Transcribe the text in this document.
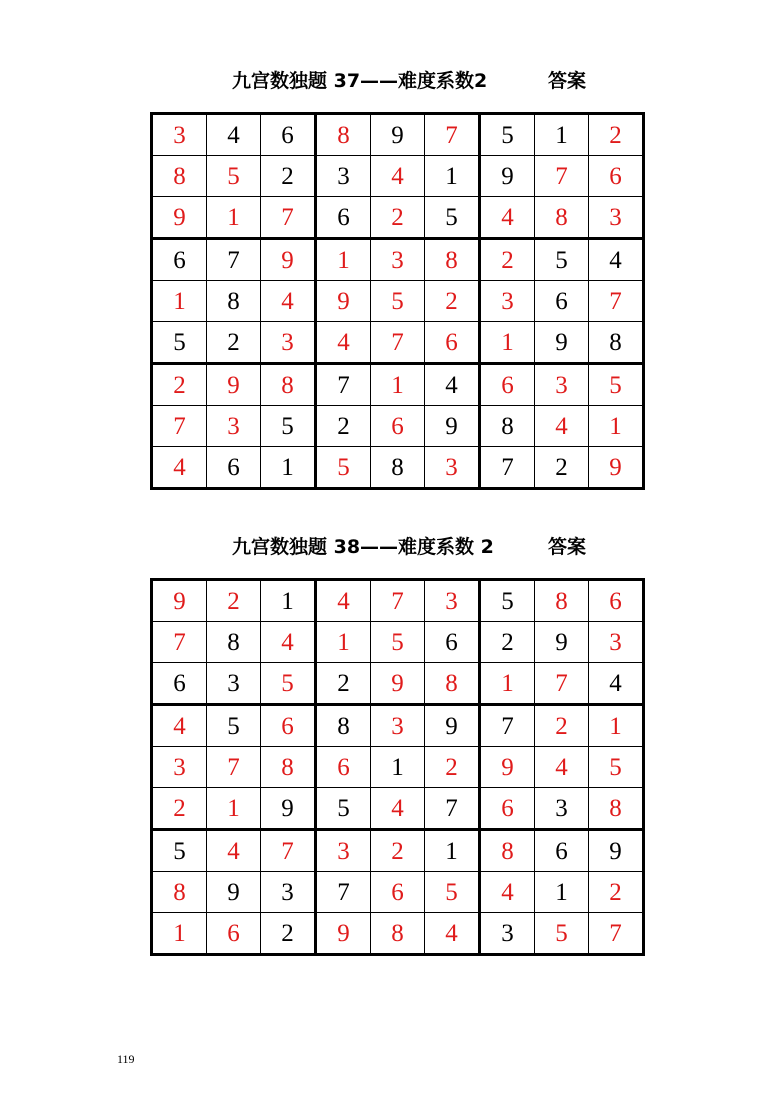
九宫数独题 37——难度系数2	答案
3	4	6	8	9	7	5	1	2
8	5	2	3	4	1	9	7	6
9	1	7	6	2	5	4	8	3
6	7	9	1	3	8	2	5	4
1	8	4	9	5	2	3	6	7
5	2	3	4	7	6	1	9	8
2	9	8	7	1	4	6	3	5
7	3	5	2	6	9	8	4	1
4	6	1	5	8	3	7	2	9
九宫数独题 38——难度系数 2	答案
9	2	1	4	7	3	5	8	6
7	8	4	1	5	6	2	9	3
6	3	5	2	9	8	1	7	4
4	5	6	8	3	9	7	2	1
3	7	8	6	1	2	9	4	5
2	1	9	5	4	7	6	3	8
5	4	7	3	2	1	8	6	9
8	9	3	7	6	5	4	1	2
1	6	2	9	8	4	3	5	7
119
